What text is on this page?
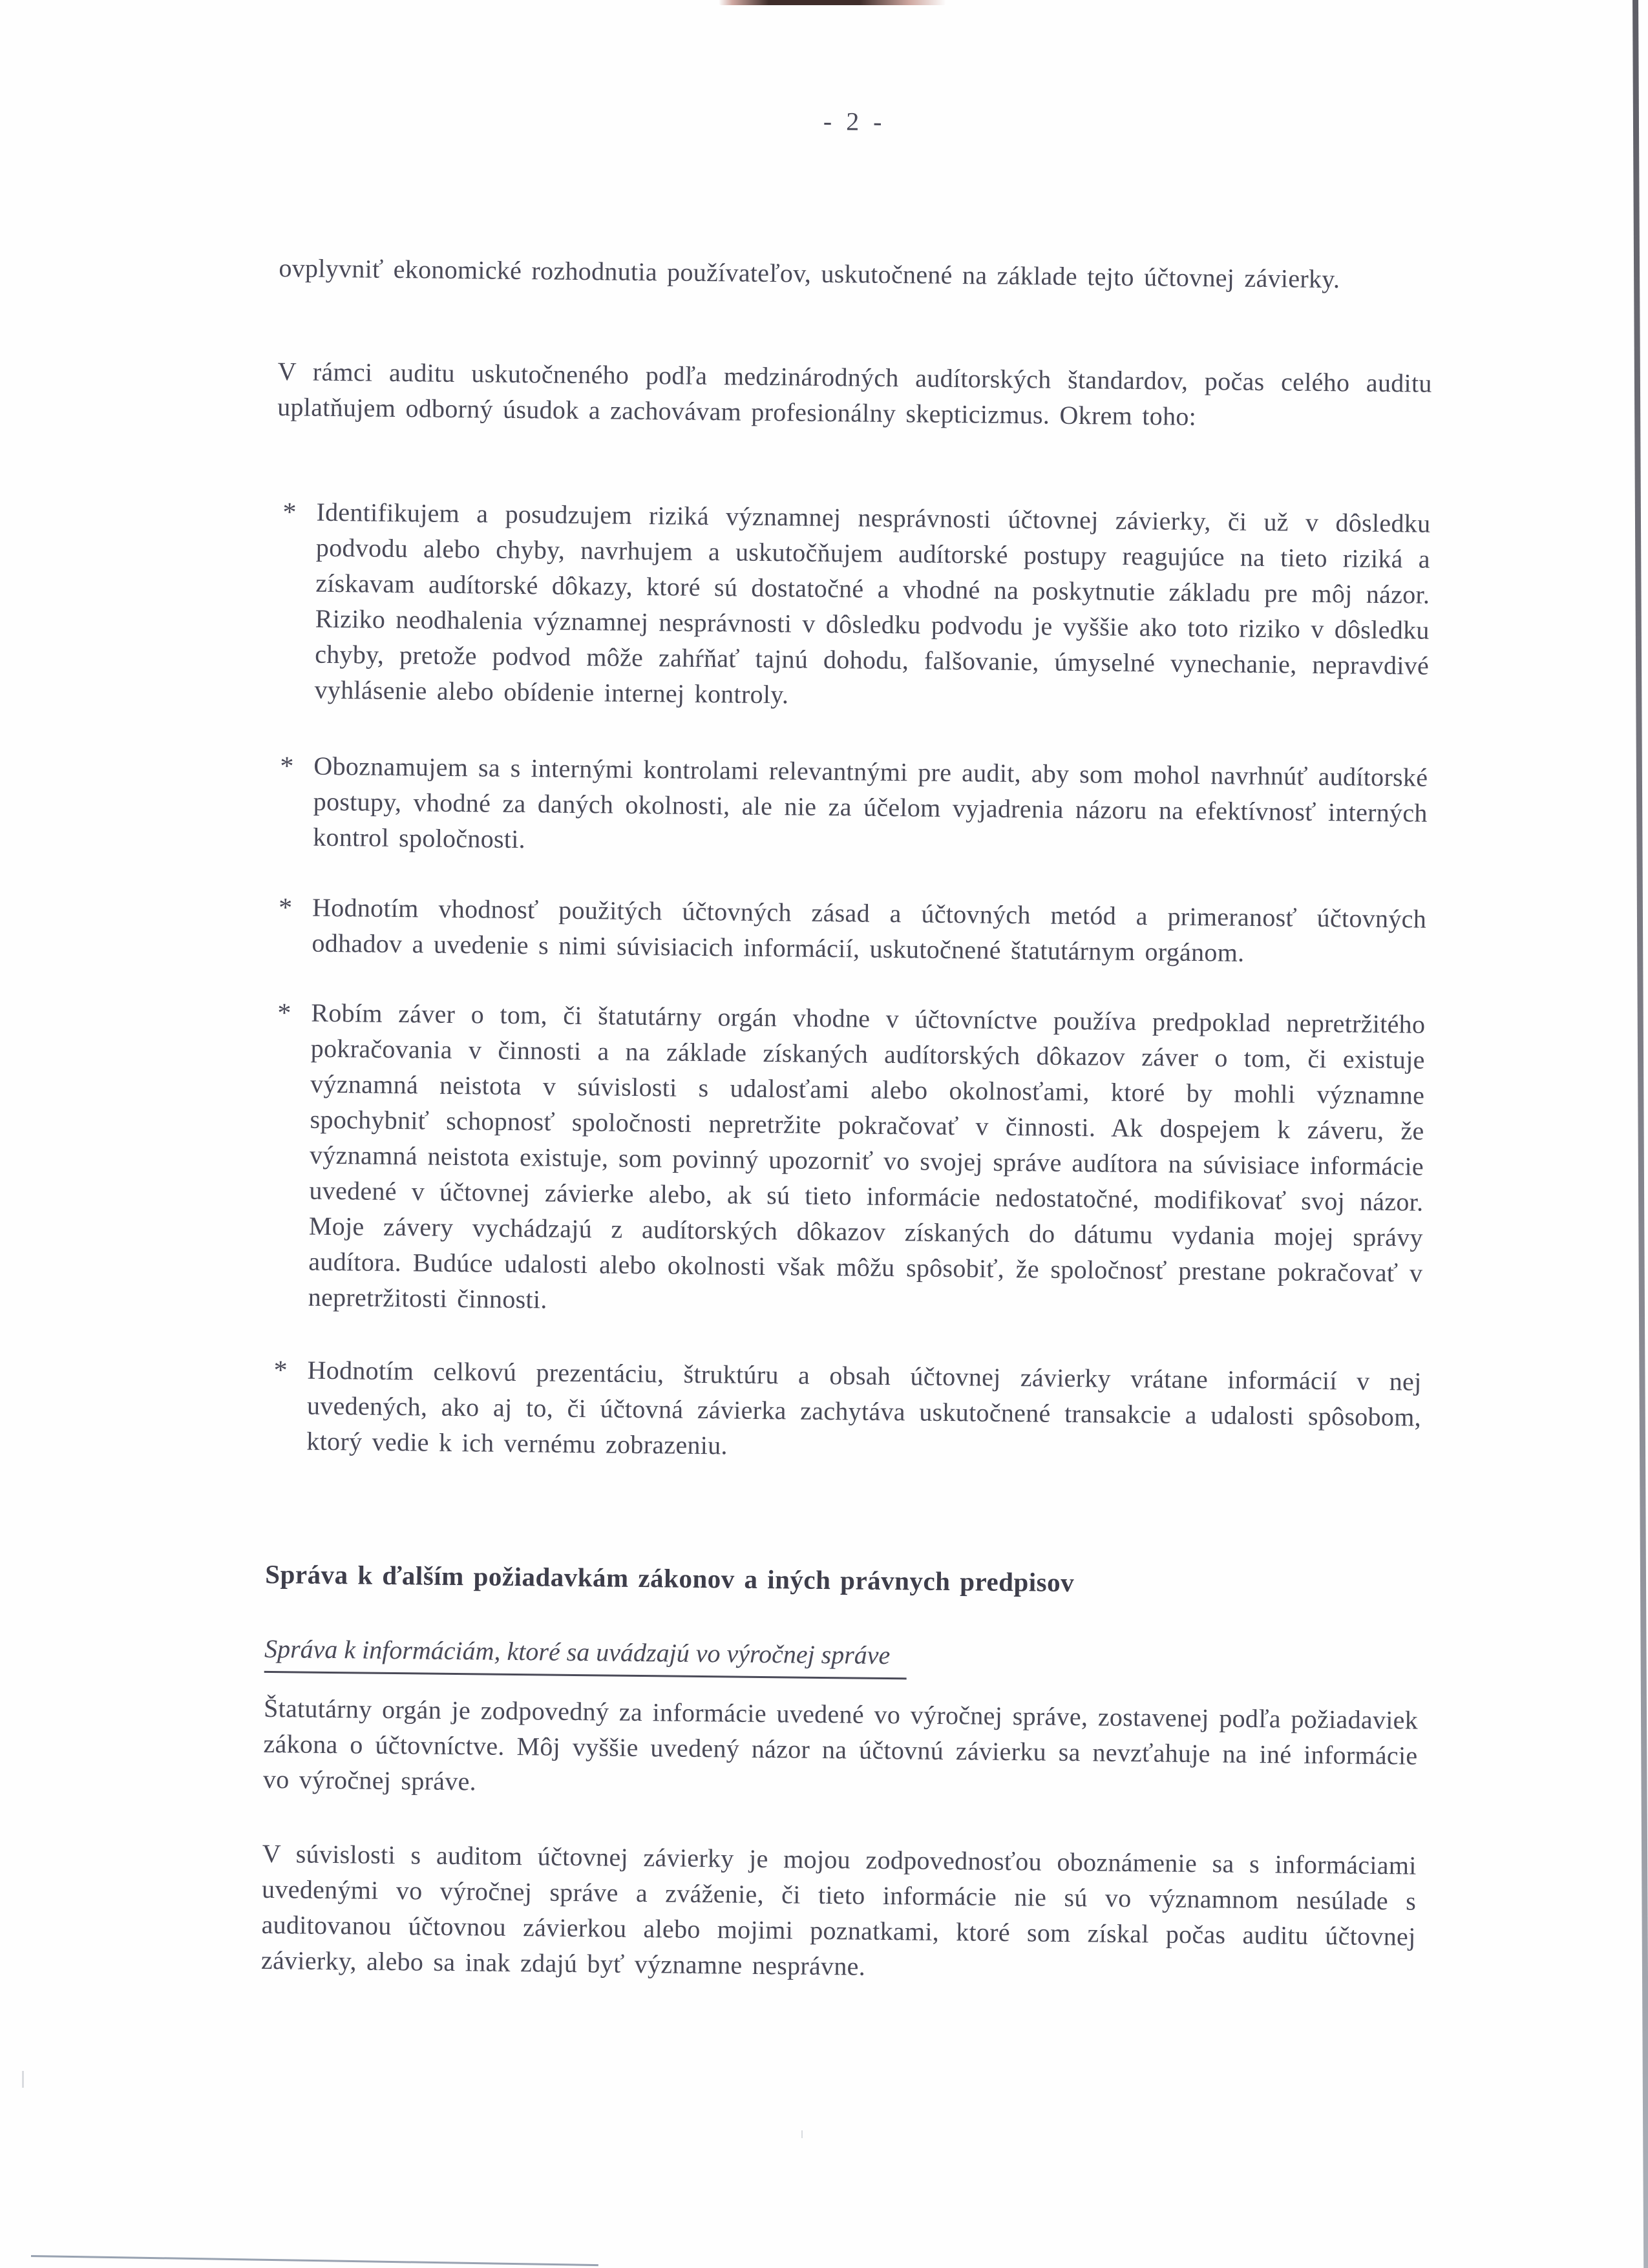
- 2 -

ovplyvniť ekonomické rozhodnutia používateľov, uskutočnené na základe tejto účtovnej závierky.

V rámci auditu uskutočneného podľa medzinárodných audítorských štandardov, počas celého auditu uplatňujem odborný úsudok a zachovávam profesionálny skepticizmus. Okrem toho:

* Identifikujem a posudzujem riziká významnej nesprávnosti účtovnej závierky, či už v dôsledku podvodu alebo chyby, navrhujem a uskutočňujem audítorské postupy reagujúce na tieto riziká a získavam audítorské dôkazy, ktoré sú dostatočné a vhodné na poskytnutie základu pre môj názor. Riziko neodhalenia významnej nesprávnosti v dôsledku podvodu je vyššie ako toto riziko v dôsledku chyby, pretože podvod môže zahŕňať tajnú dohodu, falšovanie, úmyselné vynechanie, nepravdivé vyhlásenie alebo obídenie internej kontroly.
* Oboznamujem sa s internými kontrolami relevantnými pre audit, aby som mohol navrhnúť audítorské postupy, vhodné za daných okolnosti, ale nie za účelom vyjadrenia názoru na efektívnosť interných kontrol spoločnosti.
* Hodnotím vhodnosť použitých účtovných zásad a účtovných metód a primeranosť účtovných odhadov a uvedenie s nimi súvisiacich informácií, uskutočnené štatutárnym orgánom.
* Robím záver o tom, či štatutárny orgán vhodne v účtovníctve používa predpoklad nepretržitého pokračovania v činnosti a na základe získaných audítorských dôkazov záver o tom, či existuje významná neistota v súvislosti s udalosťami alebo okolnosťami, ktoré by mohli významne spochybniť schopnosť spoločnosti nepretržite pokračovať v činnosti. Ak dospejem k záveru, že významná neistota existuje, som povinný upozorniť vo svojej správe audítora na súvisiace informácie uvedené v účtovnej závierke alebo, ak sú tieto informácie nedostatočné, modifikovať svoj názor. Moje závery vychádzajú z audítorských dôkazov získaných do dátumu vydania mojej správy audítora. Budúce udalosti alebo okolnosti však môžu spôsobiť, že spoločnosť prestane pokračovať v nepretržitosti činnosti.
* Hodnotím celkovú prezentáciu, štruktúru a obsah účtovnej závierky vrátane informácií v nej uvedených, ako aj to, či účtovná závierka zachytáva uskutočnené transakcie a udalosti spôsobom, ktorý vedie k ich vernému zobrazeniu.
Správa k ďalším požiadavkám zákonov a iných právnych predpisov
Správa k informáciám, ktoré sa uvádzajú vo výročnej správe

Štatutárny orgán je zodpovedný za informácie uvedené vo výročnej správe, zostavenej podľa požiadaviek zákona o účtovníctve. Môj vyššie uvedený názor na účtovnú závierku sa nevzťahuje na iné informácie vo výročnej správe.

V súvislosti s auditom účtovnej závierky je mojou zodpovednosťou oboznámenie sa s informáciami uvedenými vo výročnej správe a zváženie, či tieto informácie nie sú vo významnom nesúlade s auditovanou účtovnou závierkou alebo mojimi poznatkami, ktoré som získal počas auditu účtovnej závierky, alebo sa inak zdajú byť významne nesprávne.
